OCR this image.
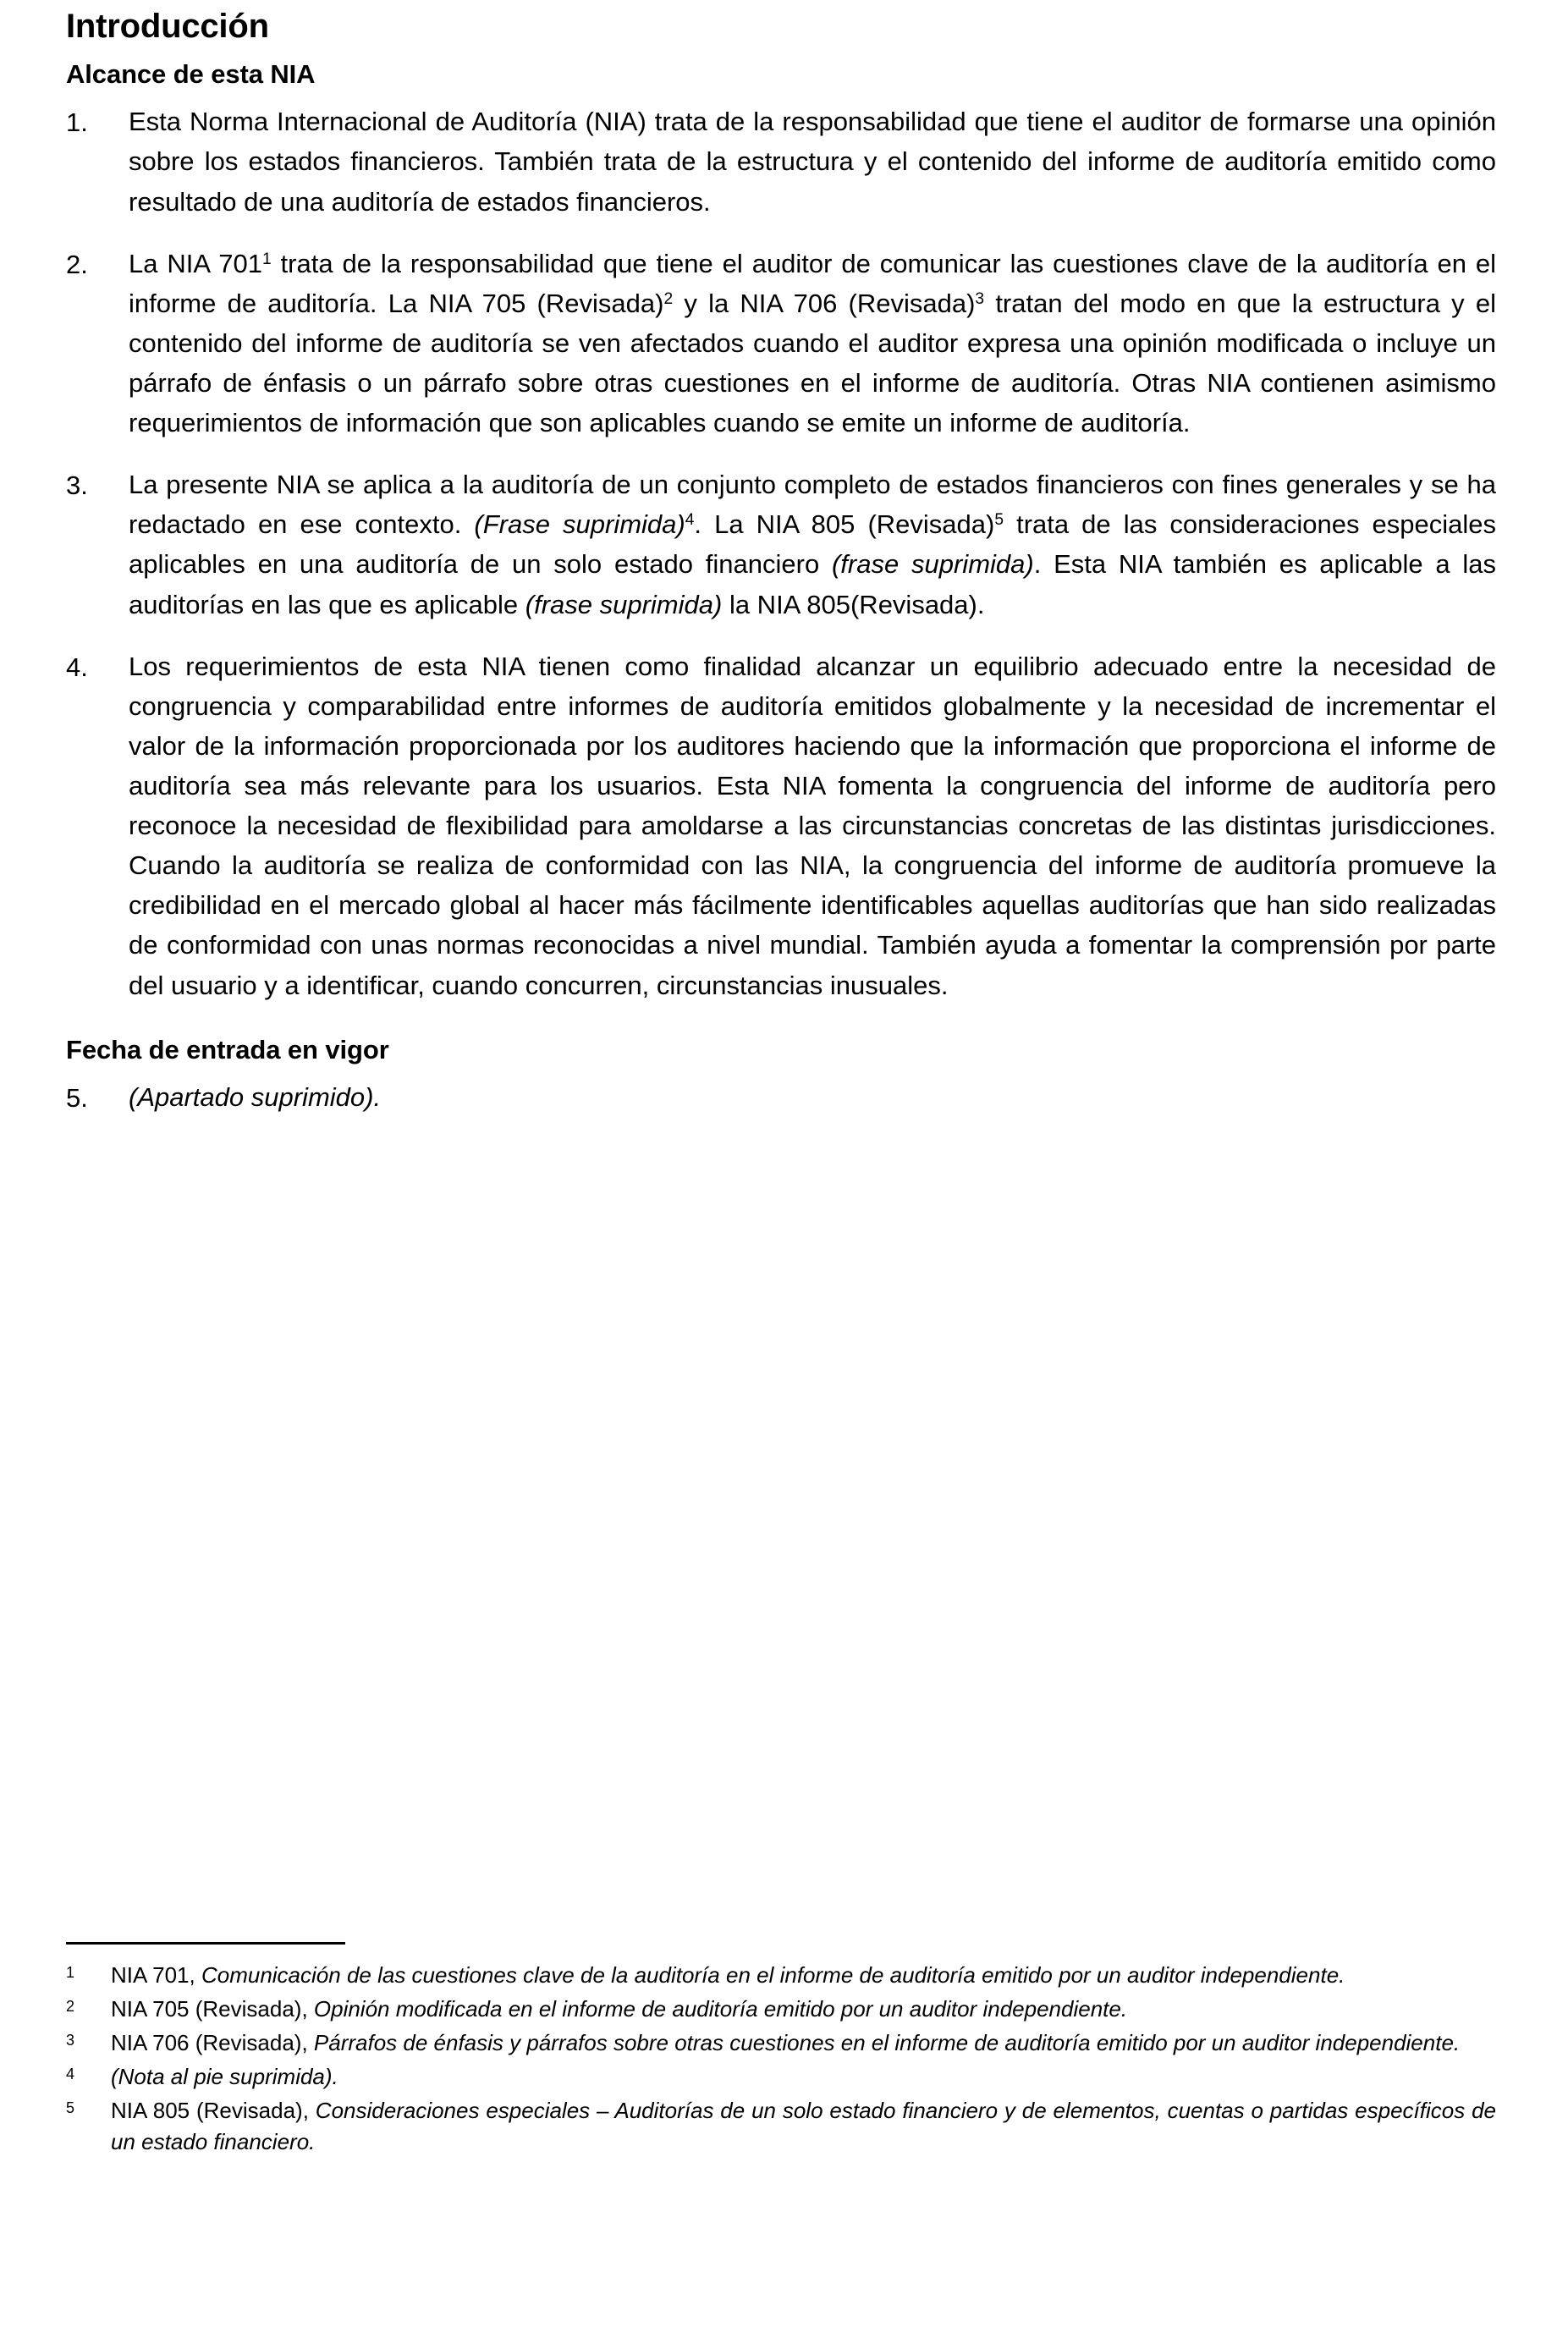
Introducción
Alcance de esta NIA
1.	Esta Norma Internacional de Auditoría (NIA) trata de la responsabilidad que tiene el auditor de formarse una opinión sobre los estados financieros. También trata de la estructura y el contenido del informe de auditoría emitido como resultado de una auditoría de estados financieros.
2.	La NIA $701^1$ trata de la responsabilidad que tiene el auditor de comunicar las cuestiones clave de la auditoría en el informe de auditoría. La NIA 705 (Revisada)$^2$ y la NIA 706 (Revisada)$^3$ tratan del modo en que la estructura y el contenido del informe de auditoría se ven afectados cuando el auditor expresa una opinión modificada o incluye un párrafo de énfasis o un párrafo sobre otras cuestiones en el informe de auditoría. Otras NIA contienen asimismo requerimientos de información que son aplicables cuando se emite un informe de auditoría.
3.	La presente NIA se aplica a la auditoría de un conjunto completo de estados financieros con fines generales y se ha redactado en ese contexto. (Frase suprimida)$^4$. La NIA 805 (Revisada)$^5$ trata de las consideraciones especiales aplicables en una auditoría de un solo estado financiero (frase suprimida). Esta NIA también es aplicable a las auditorías en las que es aplicable (frase suprimida) la NIA 805(Revisada).
4.	Los requerimientos de esta NIA tienen como finalidad alcanzar un equilibrio adecuado entre la necesidad de congruencia y comparabilidad entre informes de auditoría emitidos globalmente y la necesidad de incrementar el valor de la información proporcionada por los auditores haciendo que la información que proporciona el informe de auditoría sea más relevante para los usuarios. Esta NIA fomenta la congruencia del informe de auditoría pero reconoce la necesidad de flexibilidad para amoldarse a las circunstancias concretas de las distintas jurisdicciones. Cuando la auditoría se realiza de conformidad con las NIA, la congruencia del informe de auditoría promueve la credibilidad en el mercado global al hacer más fácilmente identificables aquellas auditorías que han sido realizadas de conformidad con unas normas reconocidas a nivel mundial. También ayuda a fomentar la comprensión por parte del usuario y a identificar, cuando concurren, circunstancias inusuales.
Fecha de entrada en vigor
5.	(Apartado suprimido).
1	NIA 701, Comunicación de las cuestiones clave de la auditoría en el informe de auditoría emitido por un auditor independiente.
2	NIA 705 (Revisada), Opinión modificada en el informe de auditoría emitido por un auditor independiente.
3	NIA 706 (Revisada), Párrafos de énfasis y párrafos sobre otras cuestiones en el informe de auditoría emitido por un auditor independiente.
4	(Nota al pie suprimida).
5	NIA 805 (Revisada), Consideraciones especiales – Auditorías de un solo estado financiero y de elementos, cuentas o partidas específicos de un estado financiero.
